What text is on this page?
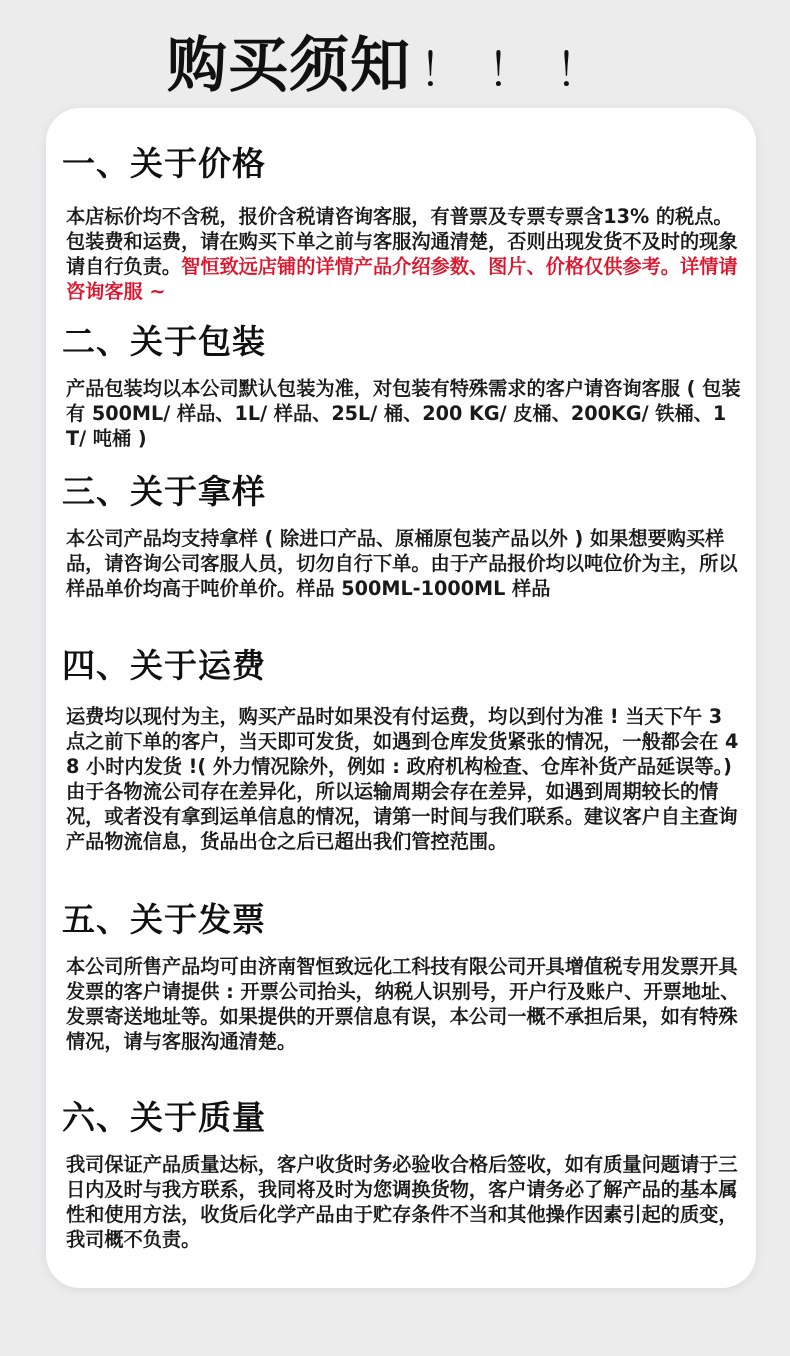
购买须知 ！！！
一、关于价格
本店标价均不含税，报价含税请咨询客服，有普票及专票专票含13% 的税点。包装费和运费，请在购买下单之前与客服沟通清楚，否则出现发货不及时的现象请自行负责。智恒致远店铺的详情产品介绍参数、图片、价格仅供参考。详情请咨询客服 ~
二、关于包装
产品包装均以本公司默认包装为准，对包装有特殊需求的客户请咨询客服 ( 包装有 500ML/ 样品、1L/ 样品、25L/ 桶、200 KG/ 皮桶、200KG/ 铁桶、1T/ 吨桶 )
三、关于拿样
本公司产品均支持拿样 ( 除进口产品、原桶原包装产品以外 ) 如果想要购买样品，请咨询公司客服人员，切勿自行下单。由于产品报价均以吨位价为主，所以样品单价均高于吨价单价。样品 500ML-1000ML 样品
四、关于运费
运费均以现付为主，购买产品时如果没有付运费，均以到付为准 ! 当天下午 3 点之前下单的客户，当天即可发货，如遇到仓库发货紧张的情况，一般都会在 48 小时内发货 !( 外力情况除外，例如 : 政府机构检查、仓库补货产品延误等。) 由于各物流公司存在差异化，所以运输周期会存在差异，如遇到周期较长的情况，或者没有拿到运单信息的情况，请第一时间与我们联系。建议客户自主查询产品物流信息，货品出仓之后已超出我们管控范围。
五、关于发票
本公司所售产品均可由济南智恒致远化工科技有限公司开具增值税专用发票开具发票的客户请提供 : 开票公司抬头，纳税人识别号，开户行及账户、开票地址、发票寄送地址等。如果提供的开票信息有误，本公司一概不承担后果，如有特殊情况，请与客服沟通清楚。
六、关于质量
我司保证产品质量达标，客户收货时务必验收合格后签收，如有质量问题请于三日内及时与我方联系，我同将及时为您调换货物，客户请务必了解产品的基本属性和使用方法，收货后化学产品由于贮存条件不当和其他操作因素引起的质变，我司概不负责。
